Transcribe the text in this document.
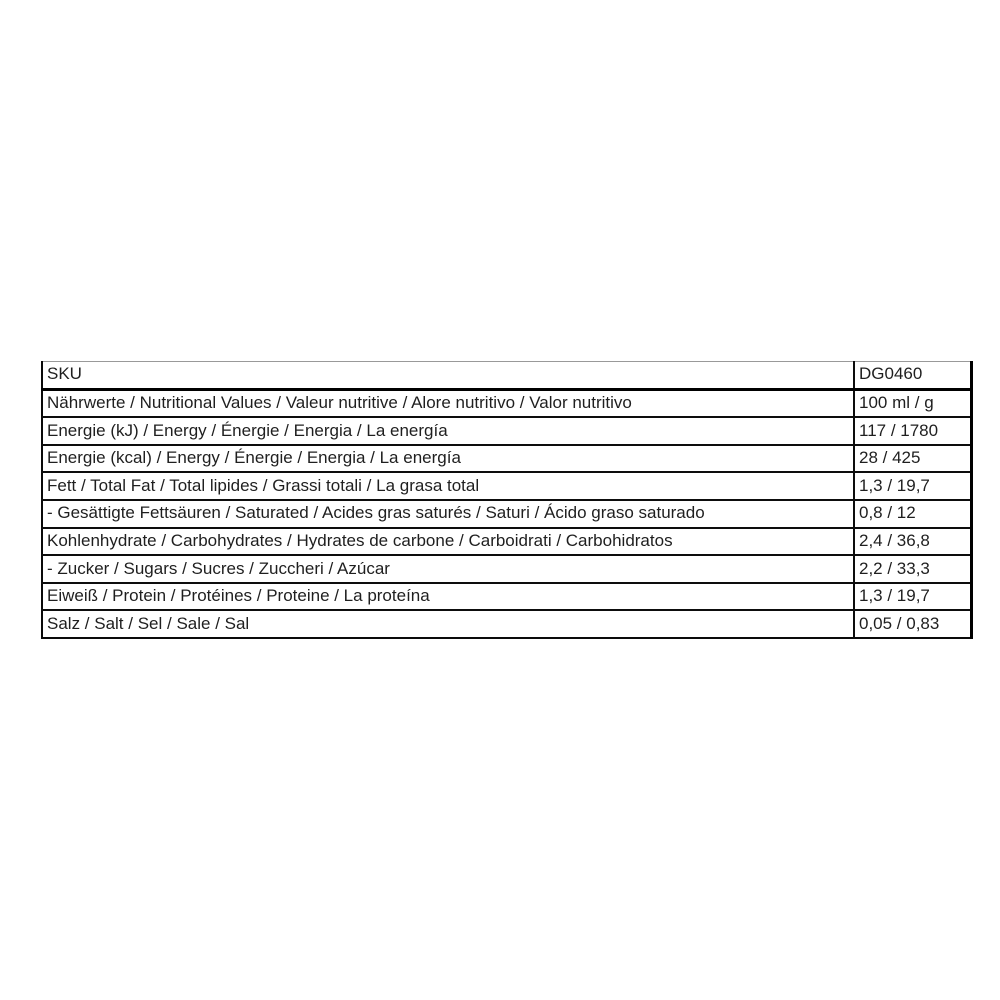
SKU	DG0460
Nährwerte / Nutritional Values / Valeur nutritive / Alore nutritivo / Valor nutritivo	100 ml / g
Energie (kJ) / Energy / Énergie / Energia / La energía	117 / 1780
Energie (kcal) / Energy / Énergie / Energia / La energía	28 / 425
Fett / Total Fat / Total lipides / Grassi totali / La grasa total	1,3 / 19,7
- Gesättigte Fettsäuren / Saturated / Acides gras saturés / Saturi / Ácido graso saturado	0,8 / 12
Kohlenhydrate / Carbohydrates / Hydrates de carbone / Carboidrati / Carbohidratos	2,4 / 36,8
- Zucker / Sugars / Sucres / Zuccheri / Azúcar	2,2 / 33,3
Eiweiß / Protein / Protéines / Proteine / La proteína	1,3 / 19,7
Salz / Salt / Sel / Sale / Sal	0,05 / 0,83
